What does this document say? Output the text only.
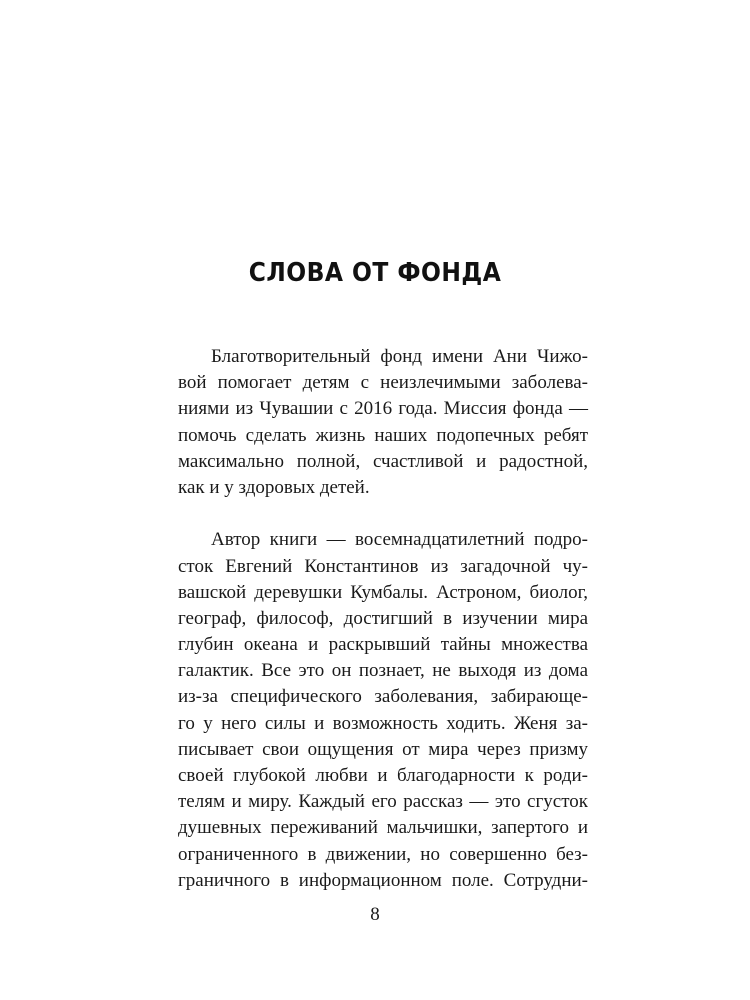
СЛОВА ОТ ФОНДА
Благотворительный фонд имени Ани Чижо-
вой помогает детям с неизлечимыми заболева-
ниями из Чувашии с 2016 года. Миссия фонда —
помочь сделать жизнь наших подопечных ребят
максимально полной, счастливой и радостной,
как и у здоровых детей.
Автор книги — восемнадцатилетний подро-
сток Евгений Константинов из загадочной чу-
вашской деревушки Кумбалы. Астроном, биолог,
географ, философ, достигший в изучении мира
глубин океана и раскрывший тайны множества
галактик. Все это он познает, не выходя из дома
из-за специфического заболевания, забирающе-
го у него силы и возможность ходить. Женя за-
писывает свои ощущения от мира через призму
своей глубокой любви и благодарности к роди-
телям и миру. Каждый его рассказ — это сгусток
душевных переживаний мальчишки, запертого и
ограниченного в движении, но совершенно без-
граничного в информационном поле. Сотрудни-
8
